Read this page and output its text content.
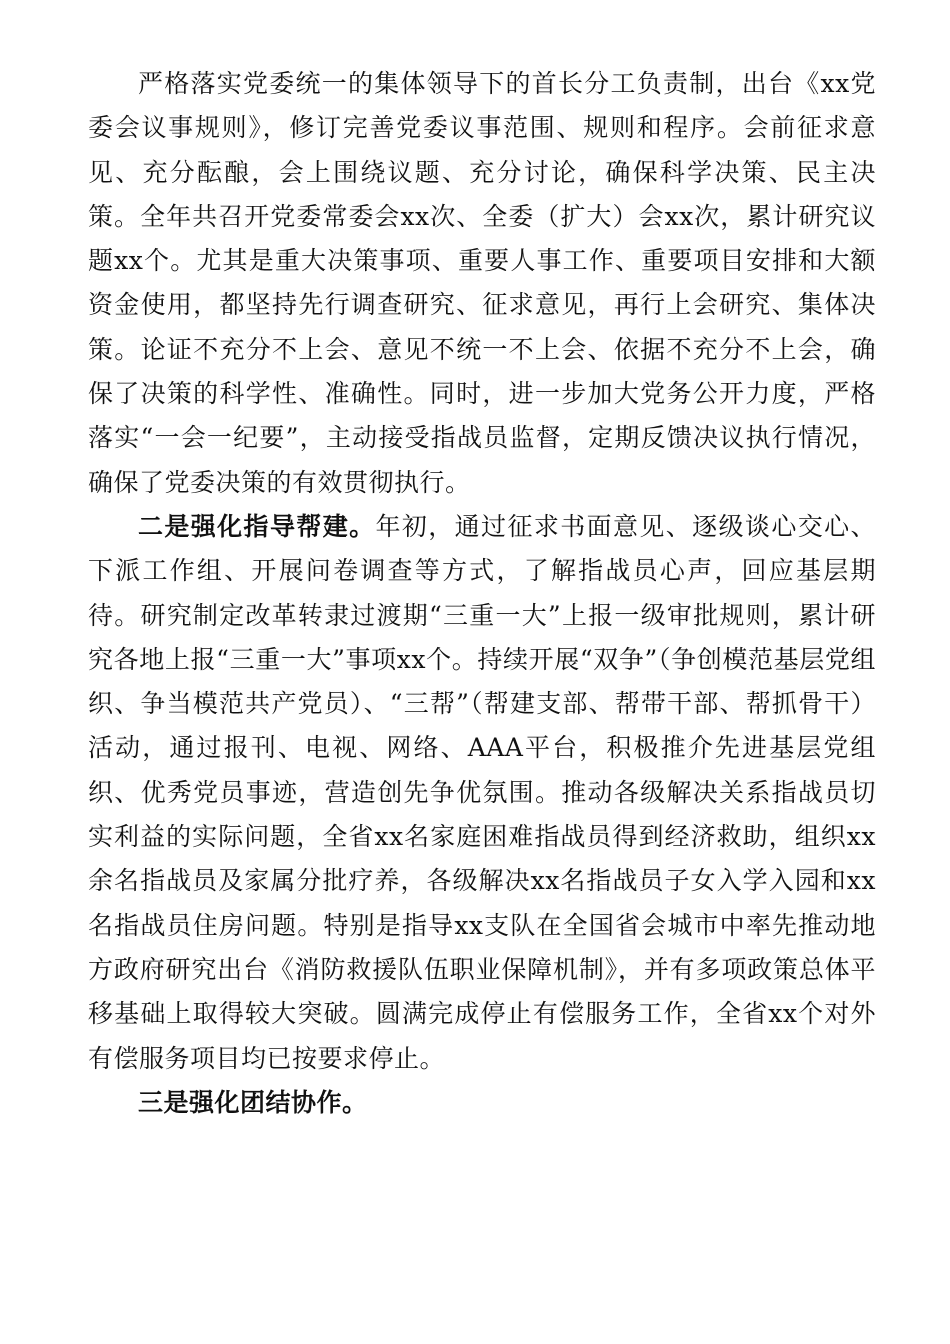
严格落实党委统一的集体领导下的首长分工负责制，出台《xx党委会议事规则》，修订完善党委议事范围、规则和程序。会前征求意见、充分酝酿，会上围绕议题、充分讨论，确保科学决策、民主决策。全年共召开党委常委会xx次、全委（扩大）会xx次，累计研究议题xx个。尤其是重大决策事项、重要人事工作、重要项目安排和大额资金使用，都坚持先行调查研究、征求意见，再行上会研究、集体决策。论证不充分不上会、意见不统一不上会、依据不充分不上会，确保了决策的科学性、准确性。同时，进一步加大党务公开力度，严格落实“一会一纪要”，主动接受指战员监督，定期反馈决议执行情况，确保了党委决策的有效贯彻执行。

二是强化指导帮建。年初，通过征求书面意见、逐级谈心交心、下派工作组、开展问卷调查等方式，了解指战员心声，回应基层期待。研究制定改革转隶过渡期“三重一大”上报一级审批规则，累计研究各地上报“三重一大”事项xx个。持续开展“双争”（争创模范基层党组织、争当模范共产党员）、“三帮”（帮建支部、帮带干部、帮抓骨干）活动，通过报刊、电视、网络、AAA平台，积极推介先进基层党组织、优秀党员事迹，营造创先争优氛围。推动各级解决关系指战员切实利益的实际问题，全省xx名家庭困难指战员得到经济救助，组织xx余名指战员及家属分批疗养，各级解决xx名指战员子女入学入园和xx名指战员住房问题。特别是指导xx支队在全国省会城市中率先推动地方政府研究出台《消防救援队伍职业保障机制》，并有多项政策总体平移基础上取得较大突破。圆满完成停止有偿服务工作，全省xx个对外有偿服务项目均已按要求停止。

三是强化团结协作。
